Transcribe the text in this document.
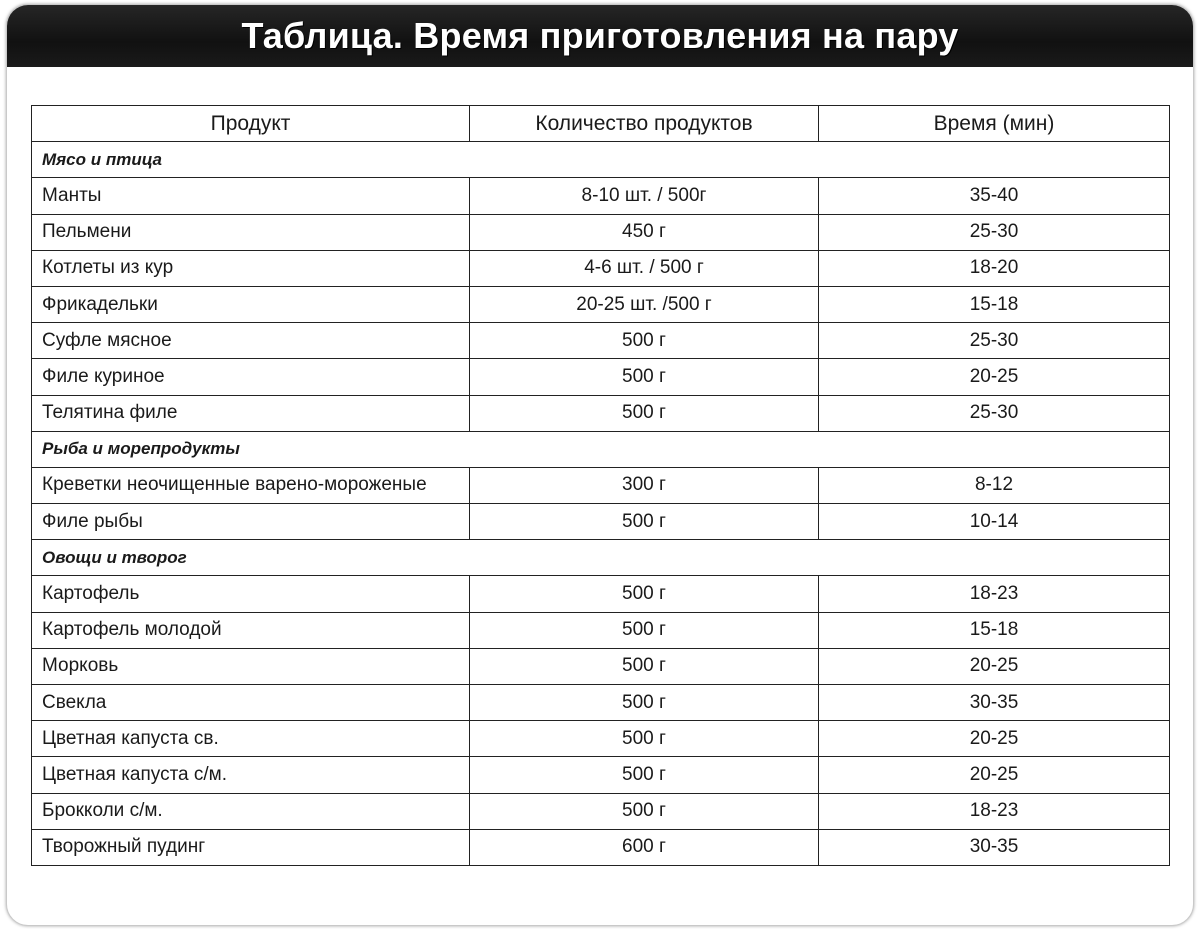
Таблица. Время приготовления на пару
Продукт	Количество продуктов	Время (мин)
Мясо и птица		
Манты	8-10 шт. / 500г	35-40
Пельмени	450 г	25-30
Котлеты из кур	4-6 шт. / 500 г	18-20
Фрикадельки	20-25 шт. /500 г	15-18
Суфле мясное	500 г	25-30
Филе куриное	500 г	20-25
Телятина филе	500 г	25-30
Рыба и морепродукты		
Креветки неочищенные варено-мороженые	300 г	8-12
Филе рыбы	500 г	10-14
Овощи и творог		
Картофель	500 г	18-23
Картофель молодой	500 г	15-18
Морковь	500 г	20-25
Свекла	500 г	30-35
Цветная капуста св.	500 г	20-25
Цветная капуста с/м.	500 г	20-25
Брокколи с/м.	500 г	18-23
Творожный пудинг	600 г	30-35
